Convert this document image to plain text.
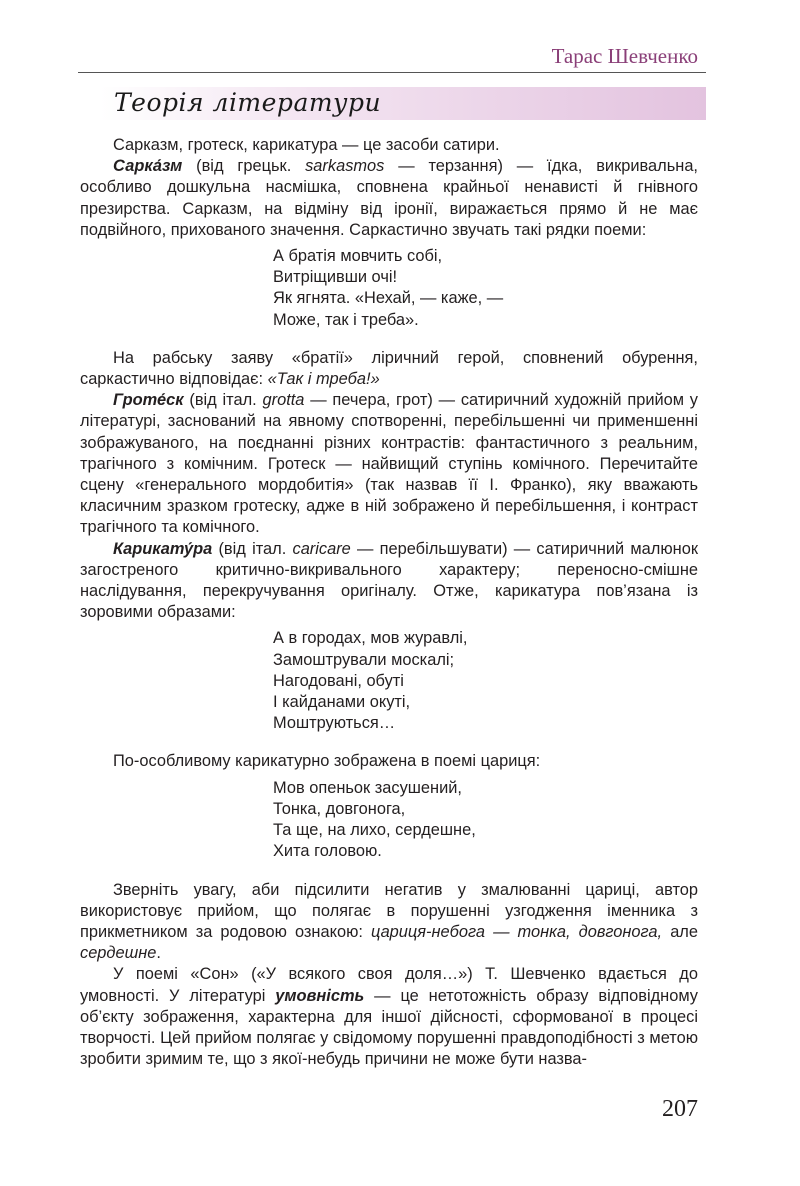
Тарас Шевченко
Теорія літератури

Сарказм, гротеск, карикатура — це засоби сатири.

Сарка́зм (від грецьк. sarkasmos — терзання) — їдка, викривальна, особливо дошкульна насмішка, сповнена крайньої ненависті й гнівного презирства. Сарказм, на відміну від іронії, виражається прямо й не має подвійного, прихованого значення. Саркастично звучать такі рядки поеми:

А братія мовчить собі,
Витріщивши очі!
Як ягнята. «Нехай, — каже, —
Може, так і треба».

На рабську заяву «братії» ліричний герой, сповнений обурення, саркастично відповідає: «Так і треба!»

Гроте́ск (від італ. grotta — печера, грот) — сатиричний художній прийом у літературі, заснований на явному спотворенні, перебільшенні чи применшенні зображуваного, на поєднанні різних контрастів: фантастичного з реальним, трагічного з комічним. Гротеск — найвищий ступінь комічного. Перечитайте сцену «генерального мордобитія» (так назвав її І. Франко), яку вважають класичним зразком гротеску, адже в ній зображено й перебільшення, і контраст трагічного та комічного.

Карикату́ра (від італ. caricare — перебільшувати) — сатиричний малюнок загостреного критично-викривального характеру; переносно-смішне наслідування, перекручування оригіналу. Отже, карикатура пов’язана із зоровими образами:

А в городах, мов журавлі,
Замоштрували москалі;
Нагодовані, обуті
І кайданами окуті,
Моштруються…

По-особливому карикатурно зображена в поемі цариця:

Мов опеньок засушений,
Тонка, довгонога,
Та ще, на лихо, сердешне,
Хита головою.

Зверніть увагу, аби підсилити негатив у змалюванні цариці, автор використовує прийом, що полягає в порушенні узгодження іменника з прикметником за родовою ознакою: цариця-небога — тонка, довгонога, але сердешне.

У поемі «Сон» («У всякого своя доля…») Т. Шевченко вдається до умовності. У літературі умовність — це нетотожність образу відповідному об’єкту зображення, характерна для іншої дійсності, сформованої в процесі творчості. Цей прийом полягає у свідомому порушенні правдоподібності з метою зробити зримим те, що з якої-небудь причини не може бути назва-

207
